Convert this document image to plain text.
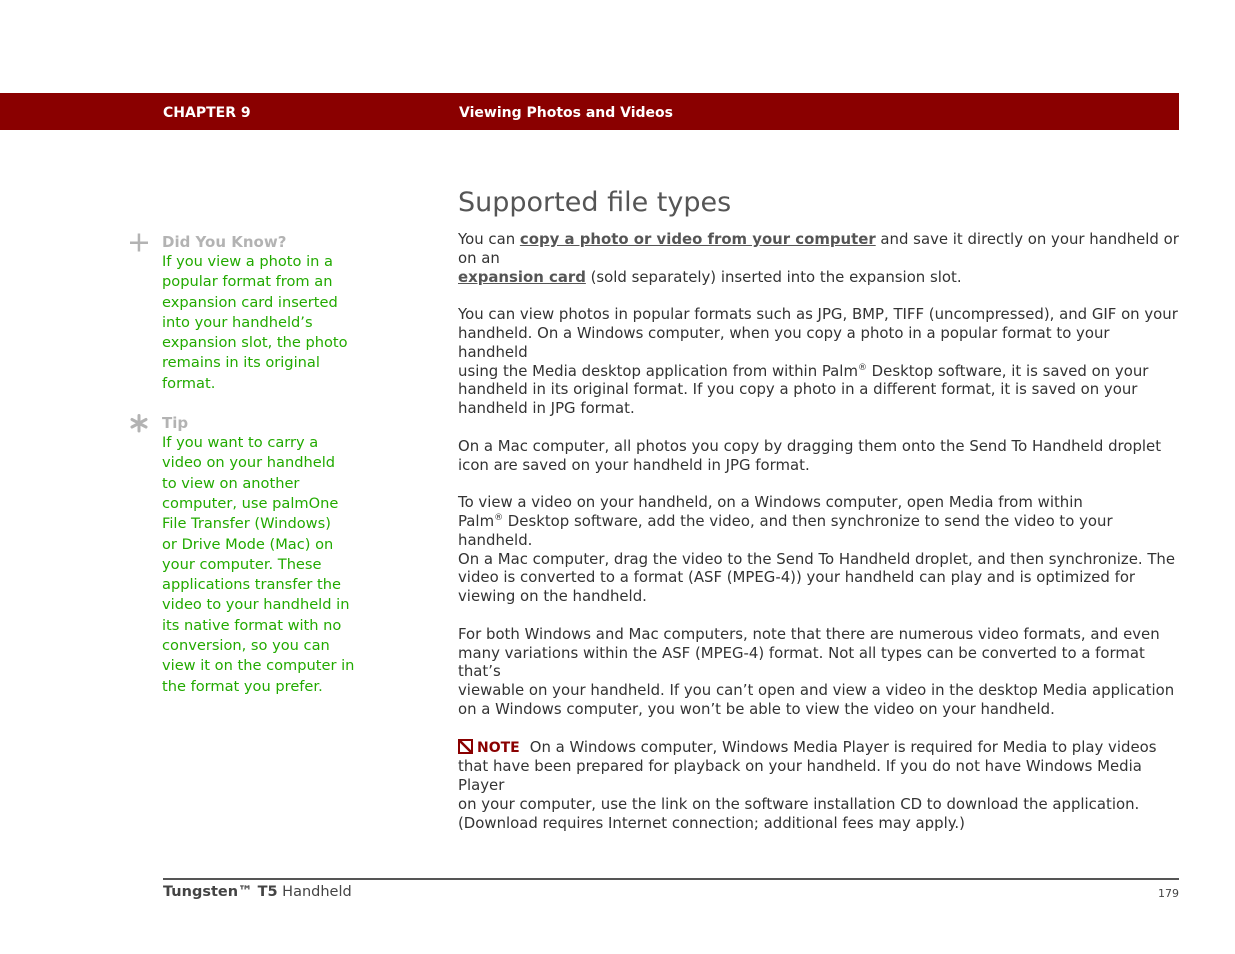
CHAPTER 9	Viewing Photos and Videos
Did You Know?
If you view a photo in a
popular format from an
expansion card inserted
into your handheld’s
expansion slot, the photo
remains in its original
format.
Tip
If you want to carry a
video on your handheld
to view on another
computer, use palmOne
File Transfer (Windows)
or Drive Mode (Mac) on
your computer. These
applications transfer the
video to your handheld in
its native format with no
conversion, so you can
view it on the computer in
the format you prefer.
Supported file types

You can copy a photo or video from your computer and save it directly on your handheld or on an
expansion card (sold separately) inserted into the expansion slot.

You can view photos in popular formats such as JPG, BMP, TIFF (uncompressed), and GIF on your
handheld. On a Windows computer, when you copy a photo in a popular format to your handheld
using the Media desktop application from within Palm® Desktop software, it is saved on your
handheld in its original format. If you copy a photo in a different format, it is saved on your
handheld in JPG format.

On a Mac computer, all photos you copy by dragging them onto the Send To Handheld droplet
icon are saved on your handheld in JPG format.

To view a video on your handheld, on a Windows computer, open Media from within
Palm® Desktop software, add the video, and then synchronize to send the video to your handheld.
On a Mac computer, drag the video to the Send To Handheld droplet, and then synchronize. The
video is converted to a format (ASF (MPEG-4)) your handheld can play and is optimized for
viewing on the handheld.

For both Windows and Mac computers, note that there are numerous video formats, and even
many variations within the ASF (MPEG-4) format. Not all types can be converted to a format that’s
viewable on your handheld. If you can’t open and view a video in the desktop Media application
on a Windows computer, you won’t be able to view the video on your handheld.

NOTE On a Windows computer, Windows Media Player is required for Media to play videos
that have been prepared for playback on your handheld. If you do not have Windows Media Player
on your computer, use the link on the software installation CD to download the application.
(Download requires Internet connection; additional fees may apply.)

Tungsten™ T5 Handheld	179
